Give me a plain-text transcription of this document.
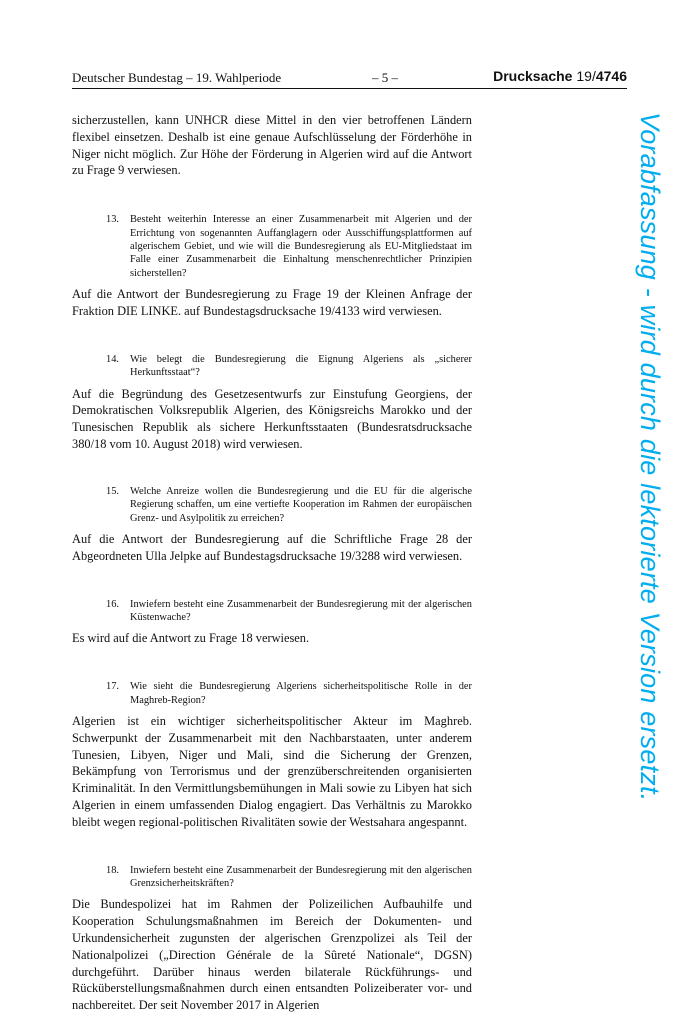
Deutscher Bundestag – 19. Wahlperiode	– 5 –	Drucksache 19/4746

sicherzustellen, kann UNHCR diese Mittel in den vier betroffenen Ländern flexibel einsetzen. Deshalb ist eine genaue Aufschlüsselung der Förderhöhe in Niger nicht möglich. Zur Höhe der Förderung in Algerien wird auf die Antwort zu Frage 9 verwiesen.

13. Besteht weiterhin Interesse an einer Zusammenarbeit mit Algerien und der Errichtung von sogenannten Auffanglagern oder Ausschiffungsplattformen auf algerischem Gebiet, und wie will die Bundesregierung als EU-Mitgliedstaat im Falle einer Zusammenarbeit die Einhaltung menschenrechtlicher Prinzipien sicherstellen?

Auf die Antwort der Bundesregierung zu Frage 19 der Kleinen Anfrage der Fraktion DIE LINKE. auf Bundestagsdrucksache 19/4133 wird verwiesen.

14. Wie belegt die Bundesregierung die Eignung Algeriens als „sicherer Herkunftsstaat“?

Auf die Begründung des Gesetzesentwurfs zur Einstufung Georgiens, der Demokratischen Volksrepublik Algerien, des Königsreichs Marokko und der Tunesischen Republik als sichere Herkunftsstaaten (Bundesratsdrucksache 380/18 vom 10. August 2018) wird verwiesen.

15. Welche Anreize wollen die Bundesregierung und die EU für die algerische Regierung schaffen, um eine vertiefte Kooperation im Rahmen der europäischen Grenz- und Asylpolitik zu erreichen?

Auf die Antwort der Bundesregierung auf die Schriftliche Frage 28 der Abgeordneten Ulla Jelpke auf Bundestagsdrucksache 19/3288 wird verwiesen.

16. Inwiefern besteht eine Zusammenarbeit der Bundesregierung mit der algerischen Küstenwache?

Es wird auf die Antwort zu Frage 18 verwiesen.

17. Wie sieht die Bundesregierung Algeriens sicherheitspolitische Rolle in der Maghreb-Region?

Algerien ist ein wichtiger sicherheitspolitischer Akteur im Maghreb. Schwerpunkt der Zusammenarbeit mit den Nachbarstaaten, unter anderem Tunesien, Libyen, Niger und Mali, sind die Sicherung der Grenzen, Bekämpfung von Terrorismus und der grenzüberschreitenden organisierten Kriminalität. In den Vermittlungsbemühungen in Mali sowie zu Libyen hat sich Algerien in einem umfassenden Dialog engagiert. Das Verhältnis zu Marokko bleibt wegen regional-politischen Rivalitäten sowie der Westsahara angespannt.

18. Inwiefern besteht eine Zusammenarbeit der Bundesregierung mit den algerischen Grenzsicherheitskräften?

Die Bundespolizei hat im Rahmen der Polizeilichen Aufbauhilfe und Kooperation Schulungsmaßnahmen im Bereich der Dokumenten- und Urkundensicherheit zugunsten der algerischen Grenzpolizei als Teil der Nationalpolizei („Direction Générale de la Sûreté Nationale“, DGSN) durchgeführt. Darüber hinaus werden bilaterale Rückführungs- und Rücküberstellungsmaßnahmen durch einen entsandten Polizeiberater vor- und nachbereitet. Der seit November 2017 in Algerien

Vorabfassung - wird durch die lektorierte Version ersetzt.
